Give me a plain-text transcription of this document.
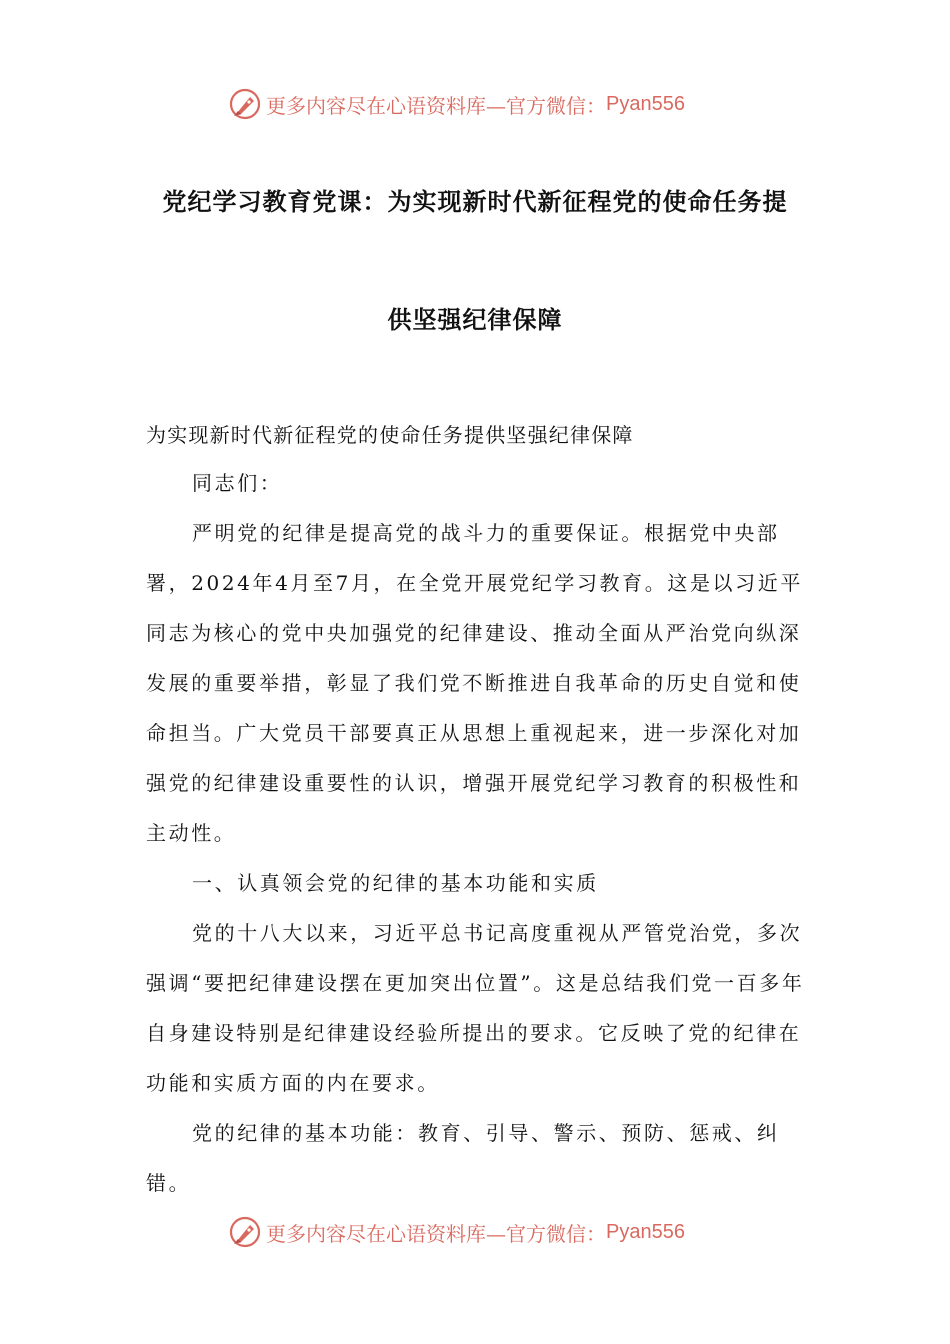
更多内容尽在心语资料库—官方微信： Pyan556
党纪学习教育党课：为实现新时代新征程党的使命任务提
供坚强纪律保障
为实现新时代新征程党的使命任务提供坚强纪律保障

同志们：

严明党的纪律是提高党的战斗力的重要保证。根据党中央部署，2024年4月至7月，在全党开展党纪学习教育。这是以习近平同志为核心的党中央加强党的纪律建设、推动全面从严治党向纵深发展的重要举措，彰显了我们党不断推进自我革命的历史自觉和使命担当。广大党员干部要真正从思想上重视起来，进一步深化对加强党的纪律建设重要性的认识，增强开展党纪学习教育的积极性和主动性。

一、认真领会党的纪律的基本功能和实质

党的十八大以来，习近平总书记高度重视从严管党治党，多次强调“要把纪律建设摆在更加突出位置”。这是总结我们党一百多年自身建设特别是纪律建设经验所提出的要求。它反映了党的纪律在功能和实质方面的内在要求。

党的纪律的基本功能：教育、引导、警示、预防、惩戒、纠错。

更多内容尽在心语资料库—官方微信： Pyan556
